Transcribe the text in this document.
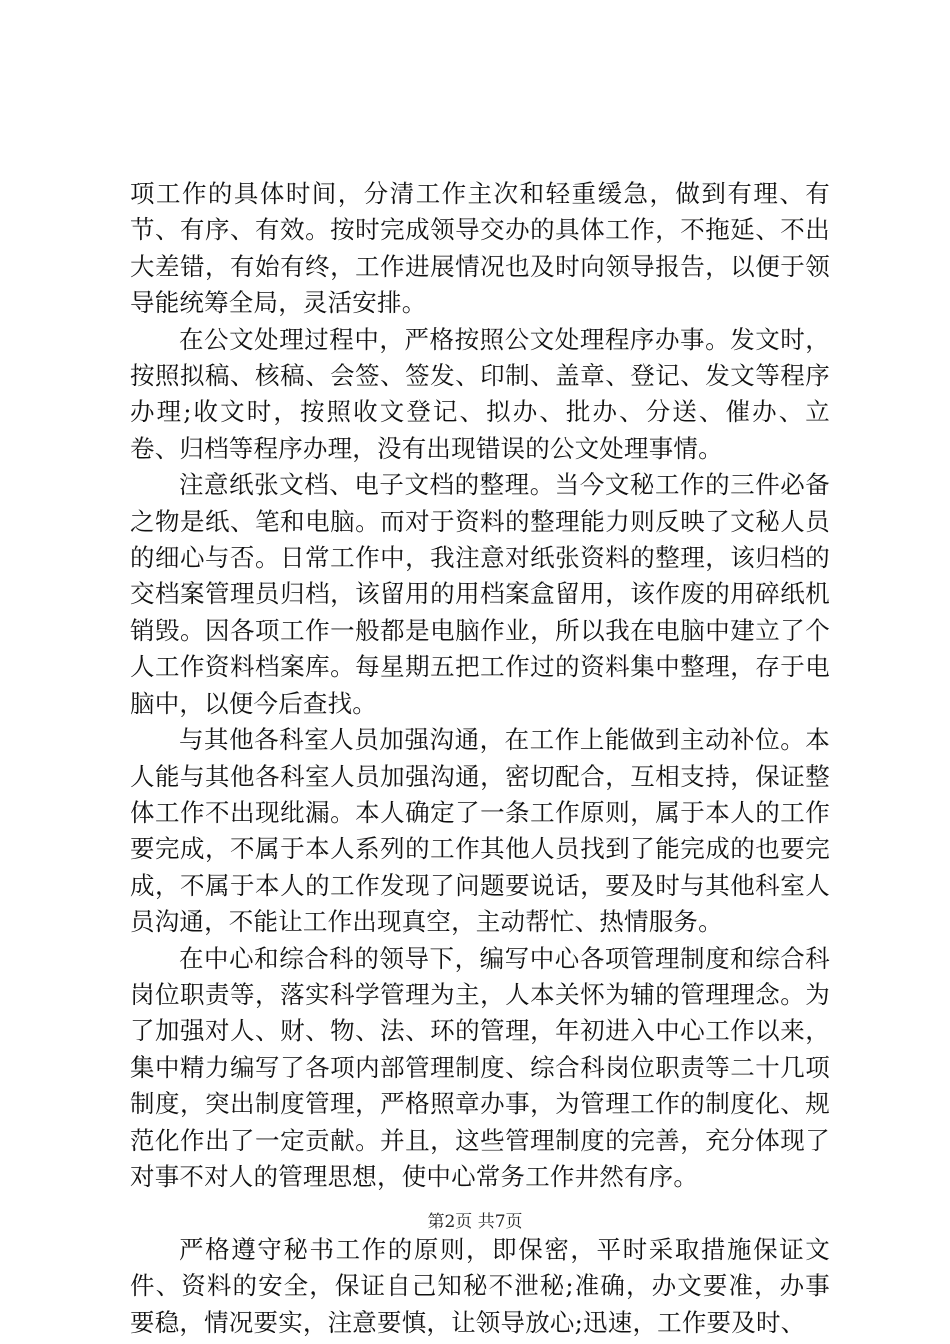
项工作的具体时间，分清工作主次和轻重缓急，做到有理、有节、有序、有效。按时完成领导交办的具体工作，不拖延、不出大差错，有始有终，工作进展情况也及时向领导报告，以便于领导能统筹全局，灵活安排。

在公文处理过程中，严格按照公文处理程序办事。发文时，按照拟稿、核稿、会签、签发、印制、盖章、登记、发文等程序办理;收文时，按照收文登记、拟办、批办、分送、催办、立卷、归档等程序办理，没有出现错误的公文处理事情。

注意纸张文档、电子文档的整理。当今文秘工作的三件必备之物是纸、笔和电脑。而对于资料的整理能力则反映了文秘人员的细心与否。日常工作中，我注意对纸张资料的整理，该归档的交档案管理员归档，该留用的用档案盒留用，该作废的用碎纸机销毁。因各项工作一般都是电脑作业，所以我在电脑中建立了个人工作资料档案库。每星期五把工作过的资料集中整理，存于电脑中，以便今后查找。

与其他各科室人员加强沟通，在工作上能做到主动补位。本人能与其他各科室人员加强沟通，密切配合，互相支持，保证整体工作不出现纰漏。本人确定了一条工作原则，属于本人的工作要完成，不属于本人系列的工作其他人员找到了能完成的也要完成，不属于本人的工作发现了问题要说话，要及时与其他科室人员沟通，不能让工作出现真空，主动帮忙、热情服务。

在中心和综合科的领导下，编写中心各项管理制度和综合科岗位职责等，落实科学管理为主，人本关怀为辅的管理理念。为了加强对人、财、物、法、环的管理，年初进入中心工作以来，集中精力编写了各项内部管理制度、综合科岗位职责等二十几项制度，突出制度管理，严格照章办事，为管理工作的制度化、规范化作出了一定贡献。并且，这些管理制度的完善，充分体现了对事不对人的管理思想，使中心常务工作井然有序。

严格遵守秘书工作的原则，即保密，平时采取措施保证文件、资料的安全，保证自己知秘不泄秘;准确，办文要准，办事要稳，情况要实，注意要慎，让领导放心;迅速，工作要及时、

第2页 共7页
